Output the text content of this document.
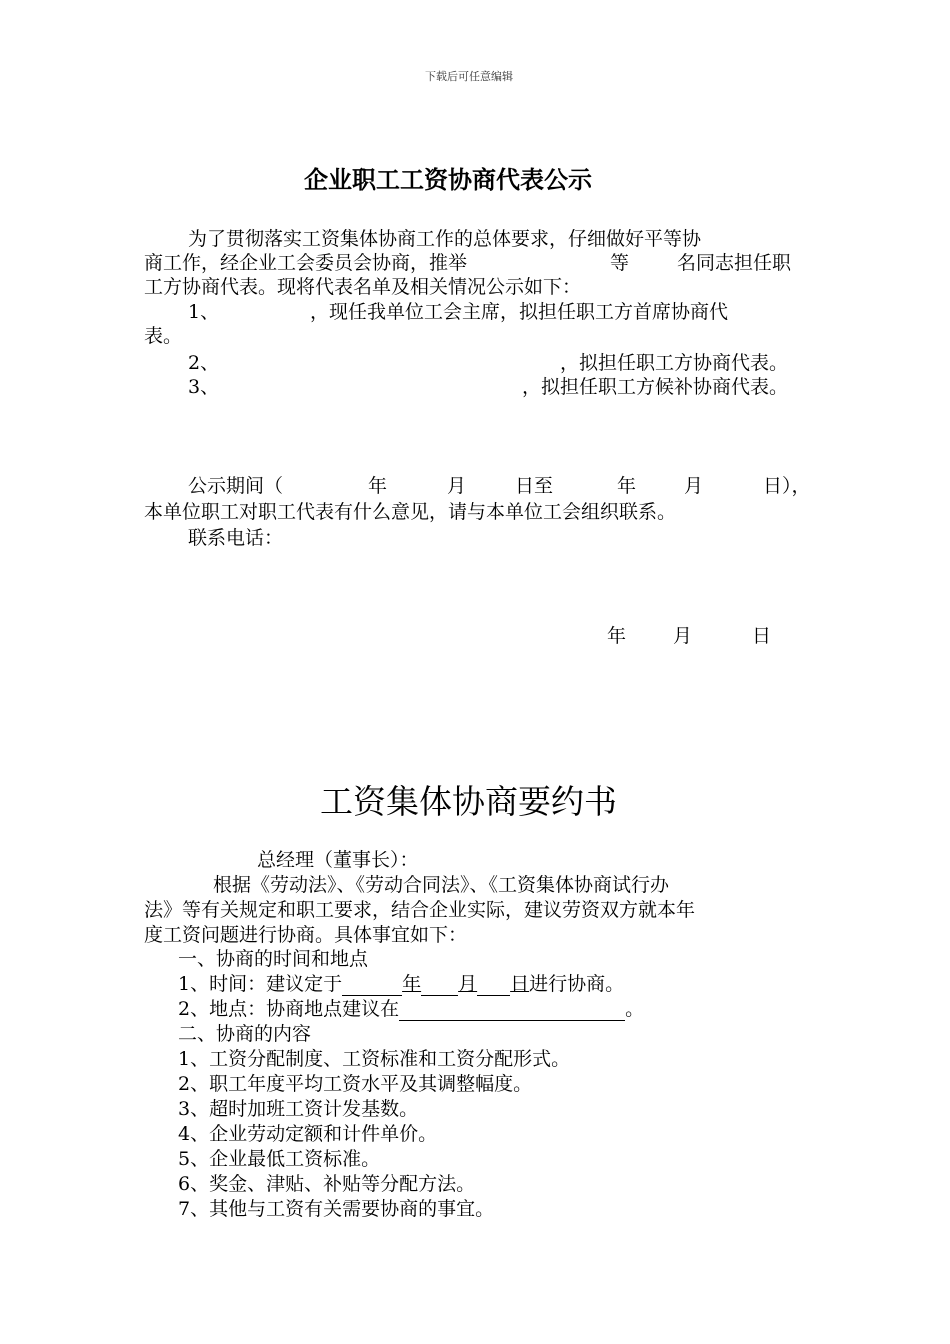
下载后可任意编辑
企业职工工资协商代表公示
为了贯彻落实工资集体协商工作的总体要求，仔细做好平等协
商工作，经企业工会委员会协商，推举	等	名同志担任职
工方协商代表。现将代表名单及相关情况公示如下：
1、	，现任我单位工会主席，拟担任职工方首席协商代
表。
2、	，拟担任职工方协商代表。
3、	，拟担任职工方候补协商代表。
公示期间（	年	月	日至	年	月	日），
本单位职工对职工代表有什么意见，请与本单位工会组织联系。
联系电话：
年 月	日
工资集体协商要约书
总经理（董事长）：
根据《劳动法》、《劳动合同法》、《工资集体协商试行办
法》等有关规定和职工要求，结合企业实际，建议劳资双方就本年
度工资问题进行协商。具体事宜如下：
一、协商的时间和地点
1、时间：建议定于	年 月 日进行协商。
2、地点：协商地点建议在	。
二、协商的内容
1、工资分配制度、工资标准和工资分配形式。
2、职工年度平均工资水平及其调整幅度。
3、超时加班工资计发基数。
4、企业劳动定额和计件单价。
5、企业最低工资标准。
6、奖金、津贴、补贴等分配方法。
7、其他与工资有关需要协商的事宜。
